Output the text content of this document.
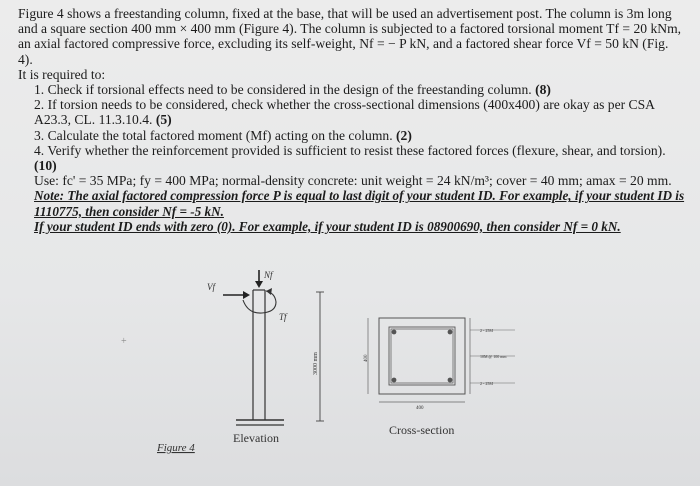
Figure 4 shows a freestanding column, fixed at the base, that will be used an advertisement post. The column is 3m long and a square section 400 mm × 400 mm (Figure 4). The column is subjected to a factored torsional moment Tf = 20 kNm, an axial factored compressive force, excluding its self-weight, Nf = − P kN, and a factored shear force Vf = 50 kN (Fig. 4).

It is required to:

1. Check if torsional effects need to be considered in the design of the freestanding column. (8)

2. If torsion needs to be considered, check whether the cross-sectional dimensions (400x400) are okay as per CSA A23.3, CL. 11.3.10.4. (5)

3. Calculate the total factored moment (Mf) acting on the column. (2)

4. Verify whether the reinforcement provided is sufficient to resist these factored forces (flexure, shear, and torsion). (10)

Use: fc' = 35 MPa; fy = 400 MPa; normal-density concrete: unit weight = 24 kN/m³; cover = 40 mm; amax = 20 mm.

Note: The axial factored compression force P is equal to last digit of your student ID. For example, if your student ID is 1110775, then consider Nf = -5 kN.

If your student ID ends with zero (0). For example, if your student ID is 08900690, then consider Nf = 0 kN.

Vf
Nf
Tf
3000 mm
Elevation
Figure 4
400
400
2 - 25M
10M @ 100 mm
2 - 25M
Cross-section
+
